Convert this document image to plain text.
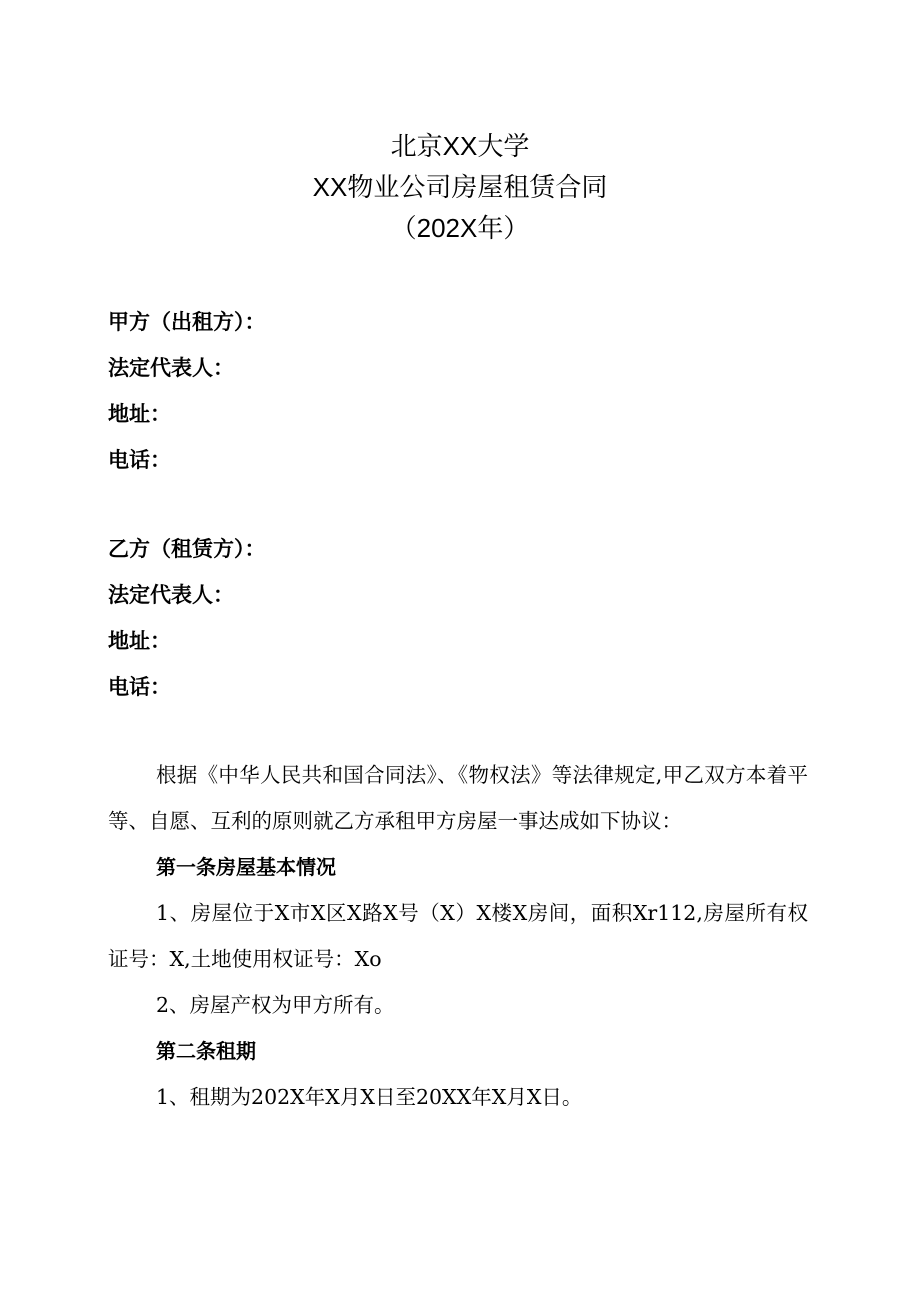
北京XX大学
XX物业公司房屋租赁合同
（202X年）
甲方（出租方）：
法定代表人：
地址：
电话：
乙方（租赁方）：
法定代表人：
地址：
电话：

根据《中华人民共和国合同法》、《物权法》等法律规定,甲乙双方本着平等、自愿、互利的原则就乙方承租甲方房屋一事达成如下协议：

第一条房屋基本情况

1、房屋位于X市X区X路X号（X）X楼X房间，面积Xr112,房屋所有权证号：X,土地使用权证号：Xo

2、房屋产权为甲方所有。

第二条租期

1、租期为202X年X月X日至20XX年X月X日。
